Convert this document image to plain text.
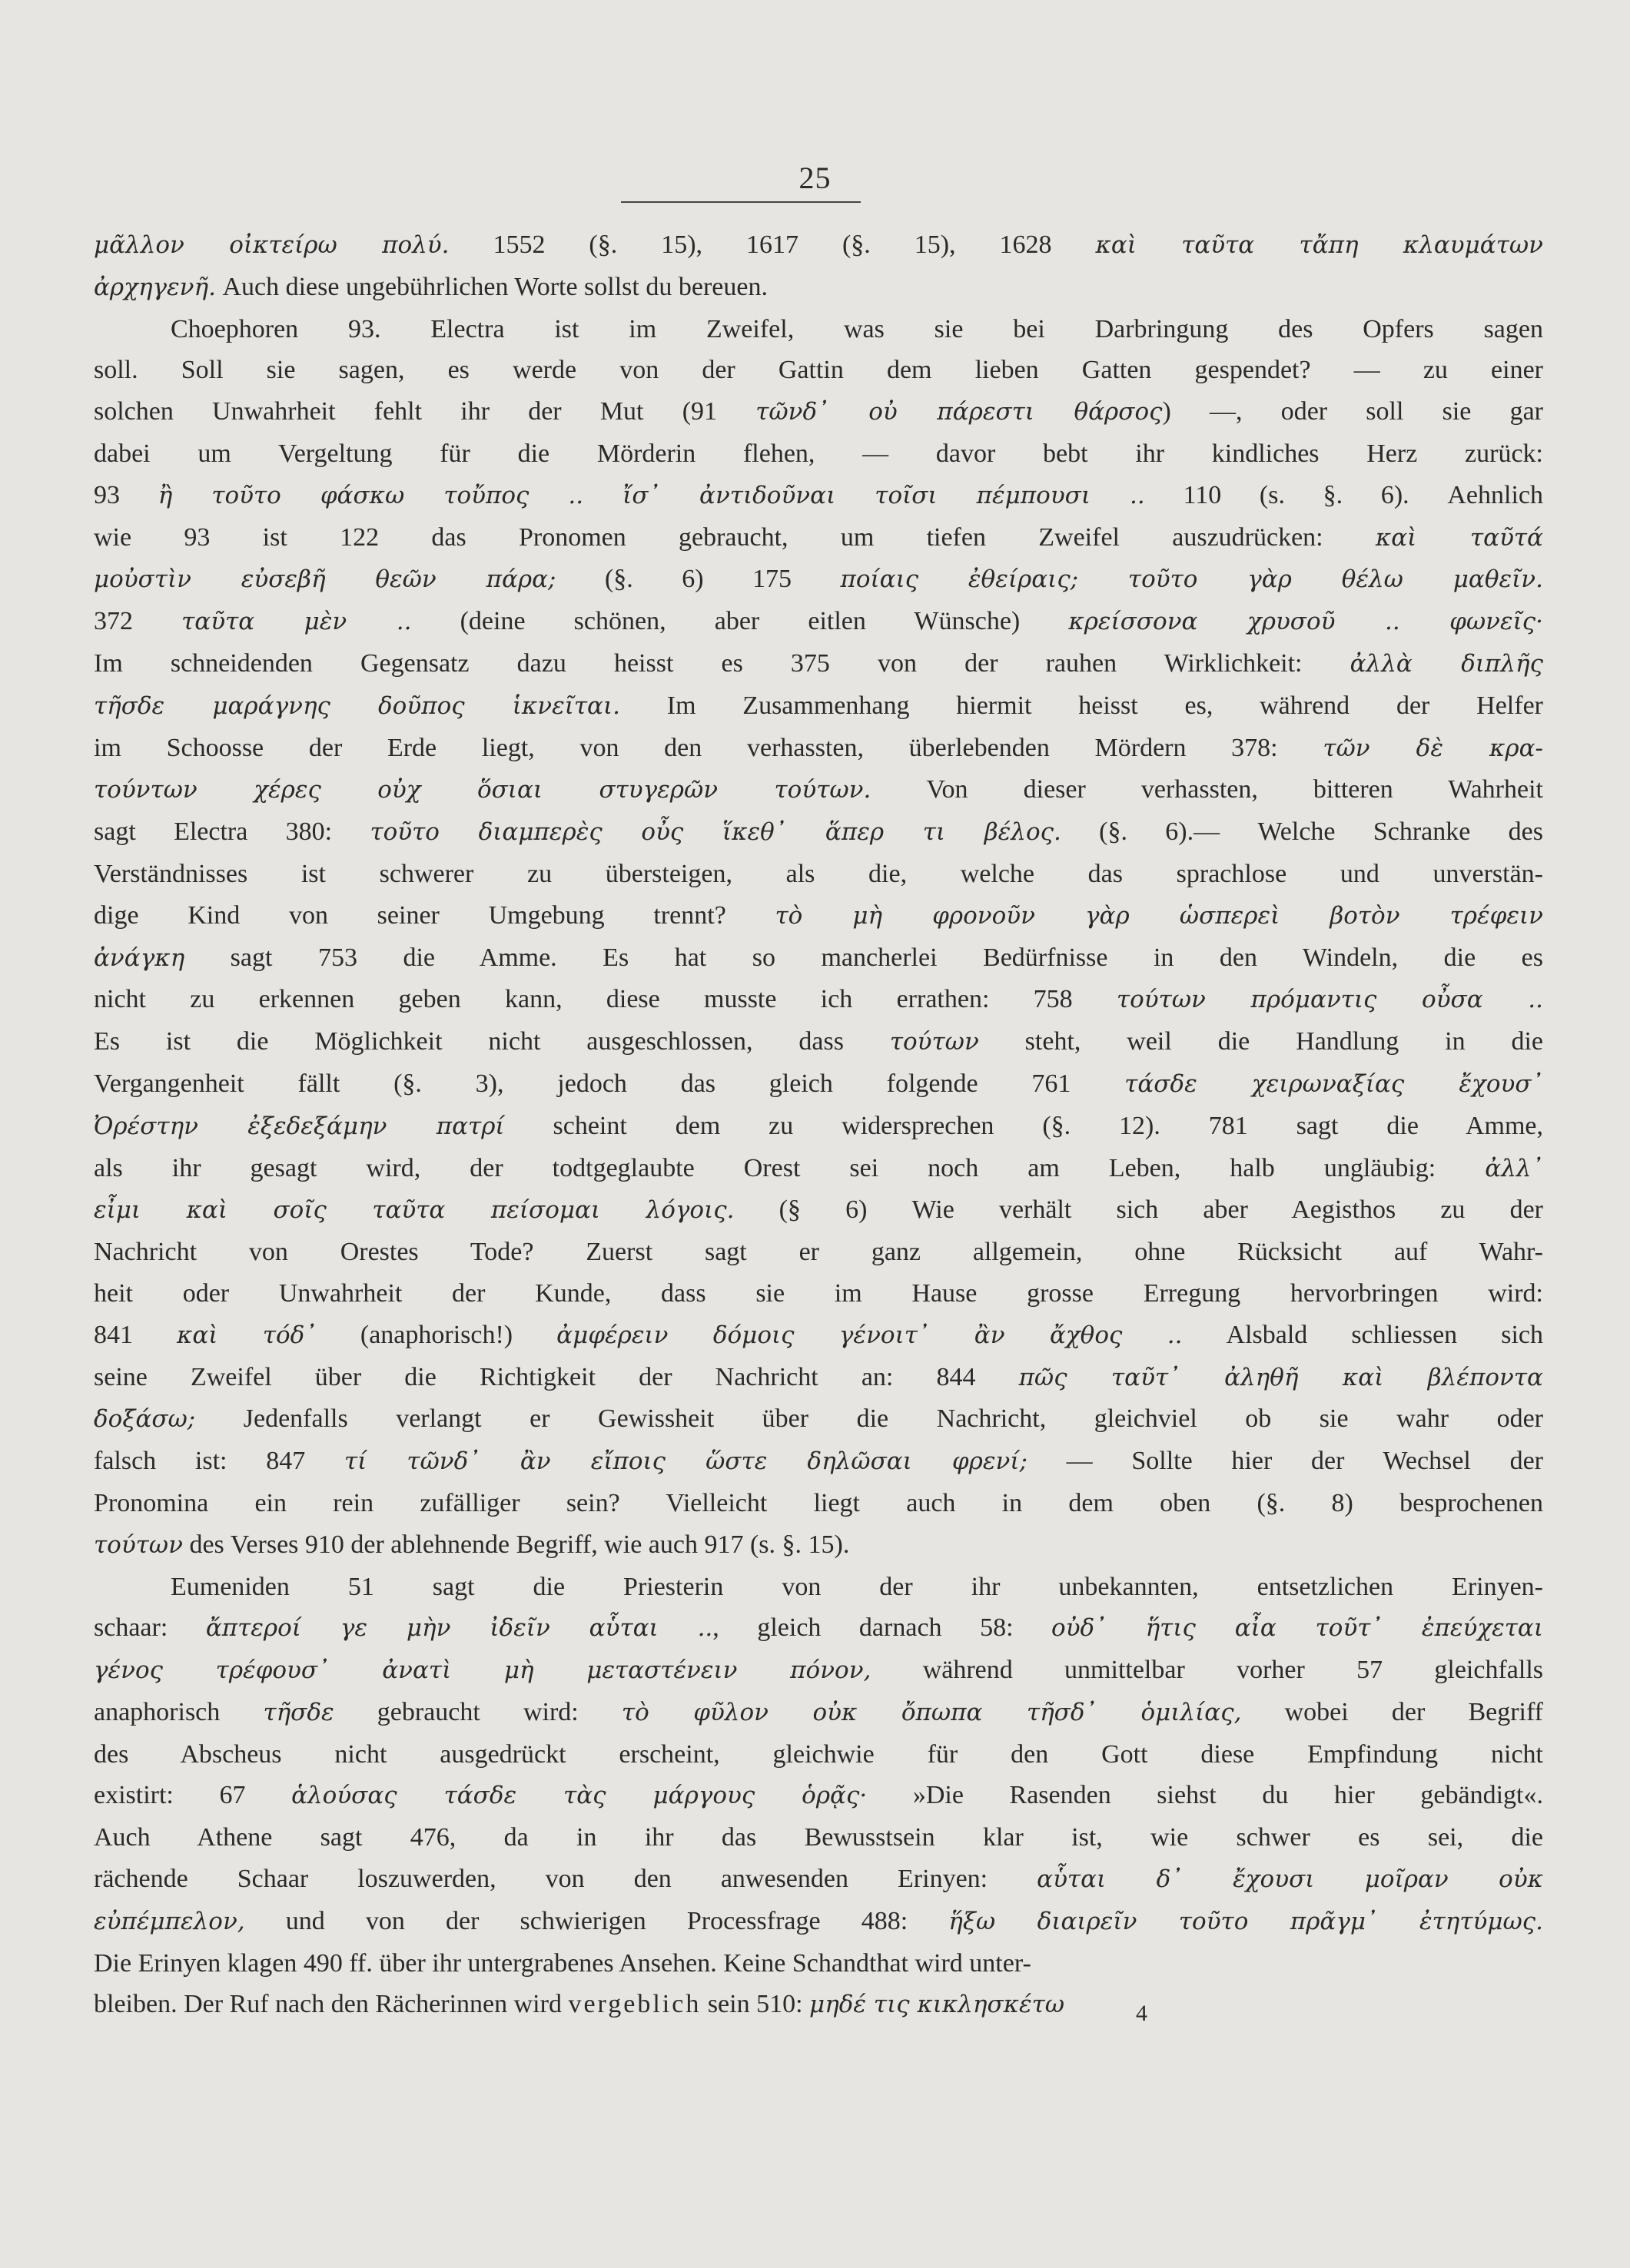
25
μᾶλλον οἰκτείρω πολύ. 1552 (§. 15), 1617 (§. 15), 1628 καὶ ταῦτα τἄπη κλαυμάτων
ἀρχηγενῆ. Auch diese ungebührlichen Worte sollst du bereuen.
Choephoren 93. Electra ist im Zweifel, was sie bei Darbringung des Opfers sagen
soll. Soll sie sagen, es werde von der Gattin dem lieben Gatten gespendet? — zu einer
solchen Unwahrheit fehlt ihr der Mut (91 τῶνδ᾽ οὐ πάρεστι θάρσος) —, oder soll sie gar
dabei um Vergeltung für die Mörderin flehen, — davor bebt ihr kindliches Herz zurück:
93 ἢ τοῦτο φάσκω τοὔπος .. ἴσ᾽ ἀντιδοῦναι τοῖσι πέμπουσι .. 110 (s. §. 6). Aehnlich
wie 93 ist 122 das Pronomen gebraucht, um tiefen Zweifel auszudrücken: καὶ ταῦτά
μοὐστὶν εὐσεβῆ θεῶν πάρα; (§. 6) 175 ποίαις ἐθείραις; τοῦτο γὰρ θέλω μαθεῖν.
372 ταῦτα μὲν .. (deine schönen, aber eitlen Wünsche) κρείσσονα χρυσοῦ .. φωνεῖς·
Im schneidenden Gegensatz dazu heisst es 375 von der rauhen Wirklichkeit: ἀλλὰ διπλῆς
τῆσδε μαράγνης δοῦπος ἱκνεῖται. Im Zusammenhang hiermit heisst es, während der Helfer
im Schoosse der Erde liegt, von den verhassten, überlebenden Mördern 378: τῶν δὲ κρα-
τούντων χέρες οὐχ ὅσιαι στυγερῶν τούτων. Von dieser verhassten, bitteren Wahrheit
sagt Electra 380: τοῦτο διαμπερὲς οὖς ἵκεθ᾽ ἅπερ τι βέλος. (§. 6).— Welche Schranke des
Verständnisses ist schwerer zu übersteigen, als die, welche das sprachlose und unverstän-
dige Kind von seiner Umgebung trennt? τὸ μὴ φρονοῦν γὰρ ὡσπερεὶ βοτὸν τρέφειν
ἀνάγκη sagt 753 die Amme. Es hat so mancherlei Bedürfnisse in den Windeln, die es
nicht zu erkennen geben kann, diese musste ich errathen: 758 τούτων πρόμαντις οὖσα ..
Es ist die Möglichkeit nicht ausgeschlossen, dass τούτων steht, weil die Handlung in die
Vergangenheit fällt (§. 3), jedoch das gleich folgende 761 τάσδε χειρωναξίας ἔχουσ᾽
Ὀρέστην ἐξεδεξάμην πατρί scheint dem zu widersprechen (§. 12). 781 sagt die Amme,
als ihr gesagt wird, der todtgeglaubte Orest sei noch am Leben, halb ungläubig: ἀλλ᾽
εἶμι καὶ σοῖς ταῦτα πείσομαι λόγοις. (§ 6) Wie verhält sich aber Aegisthos zu der
Nachricht von Orestes Tode? Zuerst sagt er ganz allgemein, ohne Rücksicht auf Wahr-
heit oder Unwahrheit der Kunde, dass sie im Hause grosse Erregung hervorbringen wird:
841 καὶ τόδ᾽ (anaphorisch!) ἀμφέρειν δόμοις γένοιτ᾽ ἂν ἄχθος .. Alsbald schliessen sich
seine Zweifel über die Richtigkeit der Nachricht an: 844 πῶς ταῦτ᾽ ἀληθῆ καὶ βλέποντα
δοξάσω; Jedenfalls verlangt er Gewissheit über die Nachricht, gleichviel ob sie wahr oder
falsch ist: 847 τί τῶνδ᾽ ἂν εἴποις ὥστε δηλῶσαι φρενί; — Sollte hier der Wechsel der
Pronomina ein rein zufälliger sein? Vielleicht liegt auch in dem oben (§. 8) besprochenen
τούτων des Verses 910 der ablehnende Begriff, wie auch 917 (s. §. 15).
Eumeniden 51 sagt die Priesterin von der ihr unbekannten, entsetzlichen Erinyen-
schaar: ἄπτεροί γε μὴν ἰδεῖν αὗται .., gleich darnach 58: οὐδ᾽ ἥτις αἶα τοῦτ᾽ ἐπεύχεται
γένος τρέφουσ᾽ ἀνατὶ μὴ μεταστένειν πόνον, während unmittelbar vorher 57 gleichfalls
anaphorisch τῆσδε gebraucht wird: τὸ φῦλον οὐκ ὄπωπα τῆσδ᾽ ὁμιλίας, wobei der Begriff
des Abscheus nicht ausgedrückt erscheint, gleichwie für den Gott diese Empfindung nicht
existirt: 67 ἁλούσας τάσδε τὰς μάργους ὁρᾷς· »Die Rasenden siehst du hier gebändigt«.
Auch Athene sagt 476, da in ihr das Bewusstsein klar ist, wie schwer es sei, die
rächende Schaar loszuwerden, von den anwesenden Erinyen: αὗται δ᾽ ἔχουσι μοῖραν οὐκ
εὐπέμπελον, und von der schwierigen Processfrage 488: ἥξω διαιρεῖν τοῦτο πρᾶγμ᾽ ἐτητύμως.
Die Erinyen klagen 490 ff. über ihr untergrabenes Ansehen. Keine Schandthat wird unter-
bleiben. Der Ruf nach den Rächerinnen wird vergeblich sein 510: μηδέ τις κικλησκέτω	4
